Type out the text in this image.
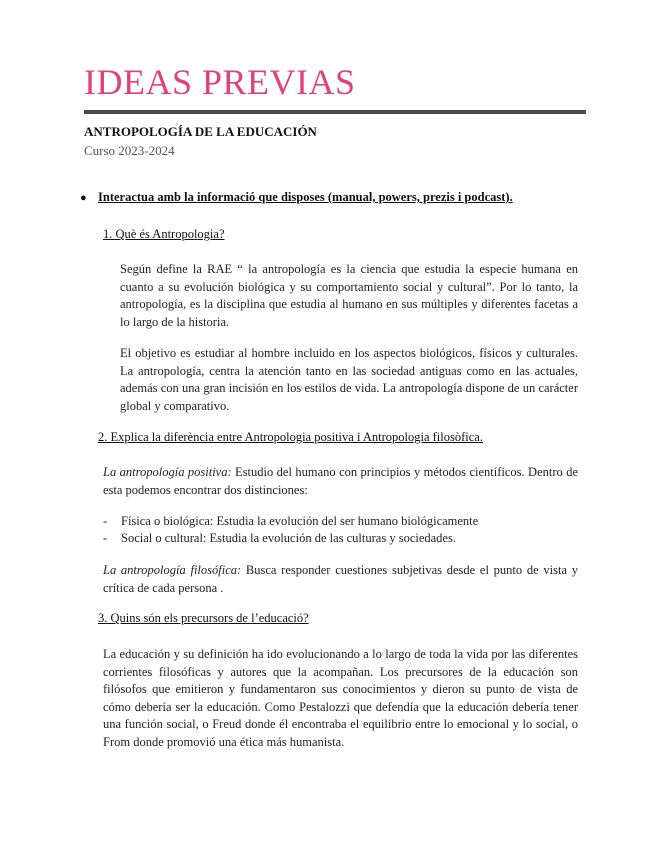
IDEAS PREVIAS
ANTROPOLOGÍA DE LA EDUCACIÓN
Curso 2023-2024
● Interactua amb la informació que disposes (manual, powers, prezis i podcast).
1. Què és Antropologia?

Según define la RAE “ la antropología es la ciencia que estudia la especie humana en cuanto a su evolución biológica y su comportamiento social y cultural”. Por lo tanto, la antropología, es la disciplina que estudia al humano en sus múltiples y diferentes facetas a lo largo de la historia.

El objetivo es estudiar al hombre incluido en los aspectos biológicos, físicos y culturales. La antropología, centra la atención tanto en las sociedad antiguas como en las actuales, además con una gran incisión en los estilos de vida. La antropología dispone de un carácter global y comparativo.

2. Explica la diferència entre Antropologia positiva i Antropologia filosòfica.

La antropología positiva: Estudio del humano con principios y métodos científicos. Dentro de esta podemos encontrar dos distinciones:

- Física o biológica: Estudia la evolución del ser humano biológicamente
- Social o cultural: Estudia la evolución de las culturas y sociedades.

La antropología filosófica: Busca responder cuestiones subjetivas desde el punto de vista y crítica de cada persona .

3. Quins són els precursors de l’educació?

La educación y su definición ha ido evolucionando a lo largo de toda la vida por las diferentes corrientes filosóficas y autores que la acompañan. Los precursores de la educación son filósofos que emitieron y fundamentaron sus conocimientos y dieron su punto de vista de cómo debería ser la educación. Como Pestalozzi que defendía que la educación debería tener una función social, o Freud donde él encontraba el equilibrio entre lo emocional y lo social, o From donde promovió una ética más humanista.
